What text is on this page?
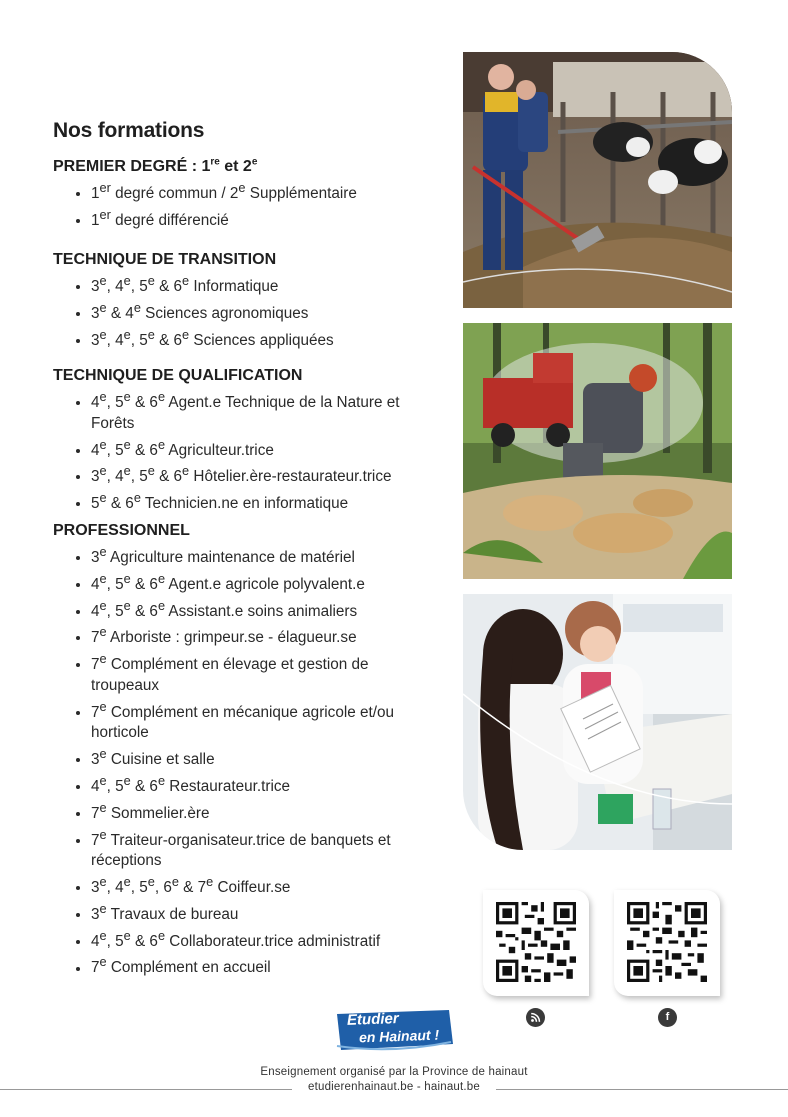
Nos formations
PREMIER DEGRÉ : 1re et 2e
• 1er degré commun / 2e Supplémentaire
• 1er degré différencié
TECHNIQUE DE TRANSITION
• 3e, 4e, 5e & 6e Informatique
• 3e & 4e Sciences agronomiques
• 3e, 4e, 5e & 6e Sciences appliquées
TECHNIQUE DE QUALIFICATION
• 4e, 5e & 6e Agent.e Technique de la Nature et Forêts
• 4e, 5e & 6e Agriculteur.trice
• 3e, 4e, 5e & 6e Hôtelier.ère-restaurateur.trice
• 5e & 6e Technicien.ne en informatique
PROFESSIONNEL
• 3e Agriculture maintenance de matériel
• 4e, 5e & 6e Agent.e agricole polyvalent.e
• 4e, 5e & 6e Assistant.e soins animaliers
• 7e Arboriste : grimpeur.se - élagueur.se
• 7e Complément en élevage et gestion de troupeaux
• 7e Complément en mécanique agricole et/ou horticole
• 3e Cuisine et salle
• 4e, 5e & 6e Restaurateur.trice
• 7e Sommelier.ère
• 7e Traiteur-organisateur.trice de banquets et réceptions
• 3e, 4e, 5e, 6e & 7e Coiffeur.se
• 3e Travaux de bureau
• 4e, 5e & 6e Collaborateur.trice administratif
• 7e Complément en accueil
f
Étudier
en Hainaut !
Enseignement organisé par la Province de hainaut
etudierenhainaut.be - hainaut.be
